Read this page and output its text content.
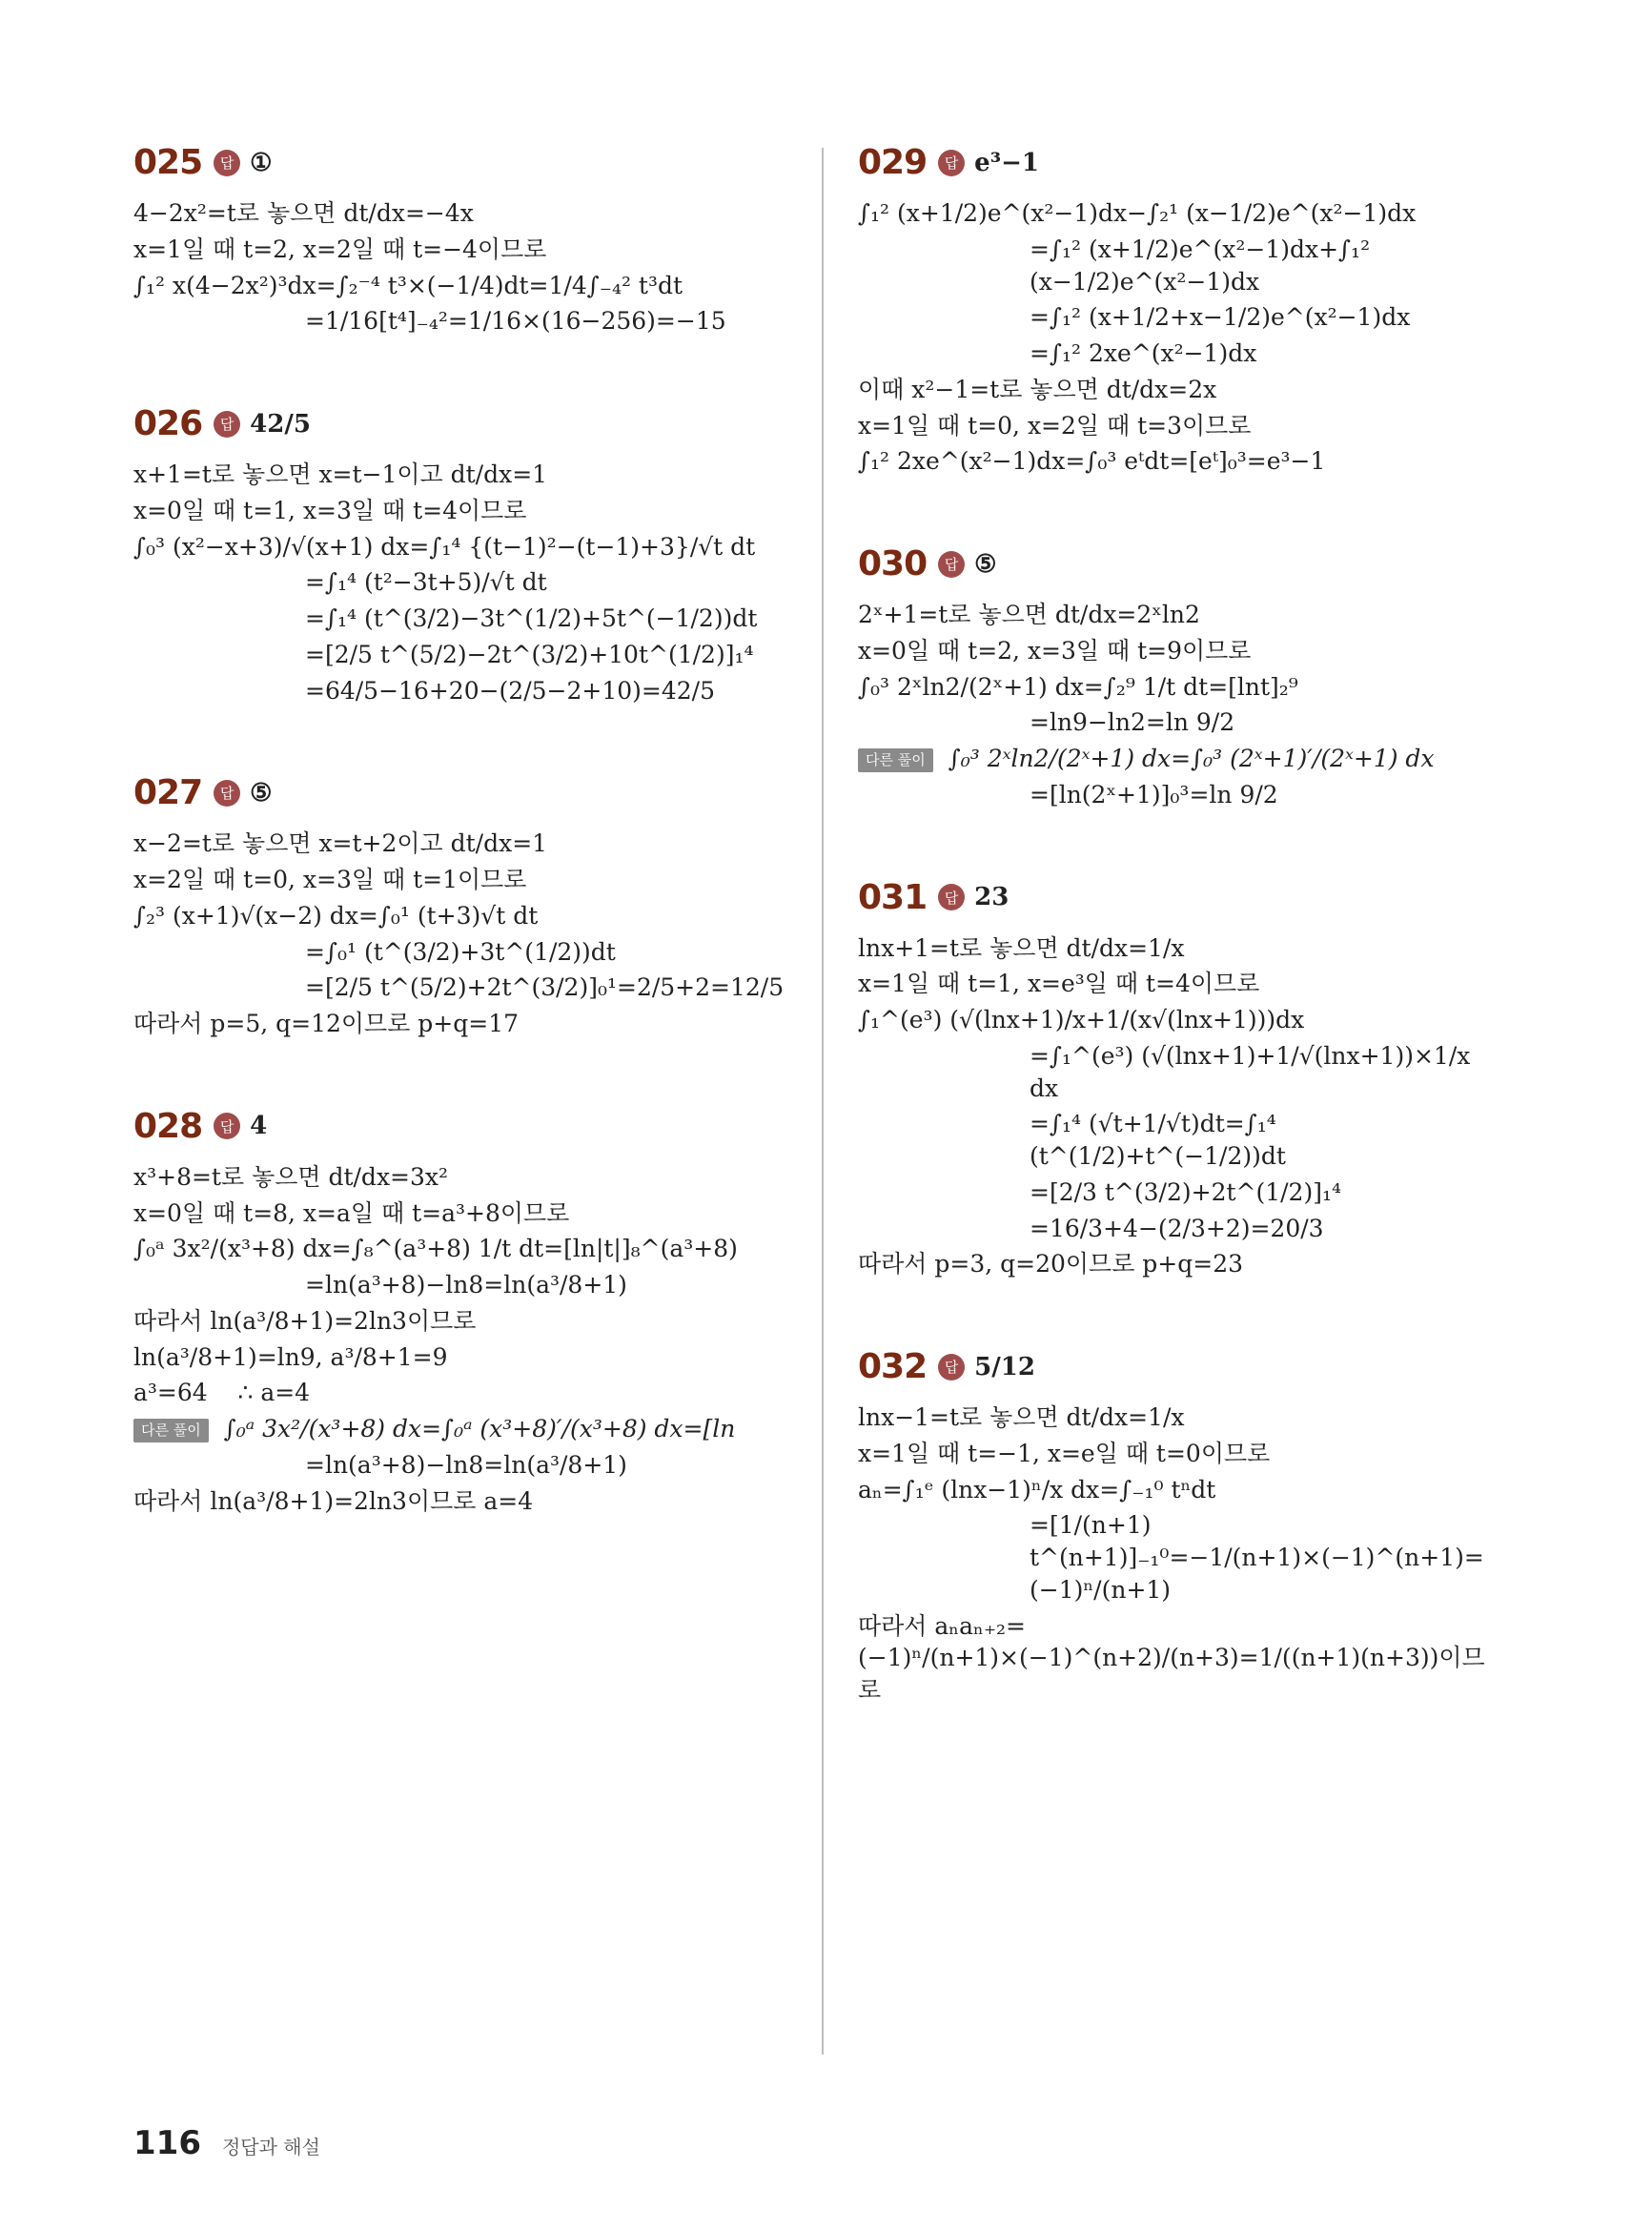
025	답 ①
4−2x²=t로 놓으면 dt/dx=−4x
x=1일 때 t=2, x=2일 때 t=−4이므로
∫₁² x(4−2x²)³dx=∫₂⁻⁴ t³×(−1/4)dt=1/4∫₋₄² t³dt
=1/16[t⁴]₋₄²=1/16×(16−256)=−15
026	답 42/5
x+1=t로 놓으면 x=t−1이고 dt/dx=1
x=0일 때 t=1, x=3일 때 t=4이므로
∫₀³ (x²−x+3)/√(x+1) dx=∫₁⁴ {(t−1)²−(t−1)+3}/√t dt
=∫₁⁴ (t²−3t+5)/√t dt
=∫₁⁴ (t^(3/2)−3t^(1/2)+5t^(−1/2))dt
=[2/5 t^(5/2)−2t^(3/2)+10t^(1/2)]₁⁴
=64/5−16+20−(2/5−2+10)=42/5
027	답 ⑤
x−2=t로 놓으면 x=t+2이고 dt/dx=1
x=2일 때 t=0, x=3일 때 t=1이므로
∫₂³ (x+1)√(x−2) dx=∫₀¹ (t+3)√t dt
=∫₀¹ (t^(3/2)+3t^(1/2))dt
=[2/5 t^(5/2)+2t^(3/2)]₀¹=2/5+2=12/5
따라서 p=5, q=12이므로 p+q=17
028	답 4
x³+8=t로 놓으면 dt/dx=3x²
x=0일 때 t=8, x=a일 때 t=a³+8이므로
∫₀ᵃ 3x²/(x³+8) dx=∫₈^(a³+8) 1/t dt=[ln|t|]₈^(a³+8)
=ln(a³+8)−ln8=ln(a³/8+1)
따라서 ln(a³/8+1)=2ln3이므로
ln(a³/8+1)=ln9, a³/8+1=9
a³=64    ∴ a=4
다른 풀이 ∫₀ᵃ 3x²/(x³+8) dx=∫₀ᵃ (x³+8)′/(x³+8) dx=[ln
=ln(a³+8)−ln8=ln(a³/8+1)
따라서 ln(a³/8+1)=2ln3이므로 a=4
029	답 e³−1
∫₁² (x+1/2)e^(x²−1)dx−∫₂¹ (x−1/2)e^(x²−1)dx
=∫₁² (x+1/2)e^(x²−1)dx+∫₁² (x−1/2)e^(x²−1)dx
=∫₁² (x+1/2+x−1/2)e^(x²−1)dx
=∫₁² 2xe^(x²−1)dx
이때 x²−1=t로 놓으면 dt/dx=2x
x=1일 때 t=0, x=2일 때 t=3이므로
∫₁² 2xe^(x²−1)dx=∫₀³ eᵗdt=[eᵗ]₀³=e³−1
030	답 ⑤
2ˣ+1=t로 놓으면 dt/dx=2ˣln2
x=0일 때 t=2, x=3일 때 t=9이므로
∫₀³ 2ˣln2/(2ˣ+1) dx=∫₂⁹ 1/t dt=[lnt]₂⁹
=ln9−ln2=ln 9/2
다른 풀이 ∫₀³ 2ˣln2/(2ˣ+1) dx=∫₀³ (2ˣ+1)′/(2ˣ+1) dx
=[ln(2ˣ+1)]₀³=ln 9/2
031	답 23
lnx+1=t로 놓으면 dt/dx=1/x
x=1일 때 t=1, x=e³일 때 t=4이므로
∫₁^(e³) (√(lnx+1)/x+1/(x√(lnx+1)))dx
=∫₁^(e³) (√(lnx+1)+1/√(lnx+1))×1/x dx
=∫₁⁴ (√t+1/√t)dt=∫₁⁴ (t^(1/2)+t^(−1/2))dt
=[2/3 t^(3/2)+2t^(1/2)]₁⁴
=16/3+4−(2/3+2)=20/3
따라서 p=3, q=20이므로 p+q=23
032	답 5/12
lnx−1=t로 놓으면 dt/dx=1/x
x=1일 때 t=−1, x=e일 때 t=0이므로
aₙ=∫₁ᵉ (lnx−1)ⁿ/x dx=∫₋₁⁰ tⁿdt
=[1/(n+1) t^(n+1)]₋₁⁰=−1/(n+1)×(−1)^(n+1)=(−1)ⁿ/(n+1)
따라서 aₙaₙ₊₂=(−1)ⁿ/(n+1)×(−1)^(n+2)/(n+3)=1/((n+1)(n+3))이므로
116 정답과 해설
